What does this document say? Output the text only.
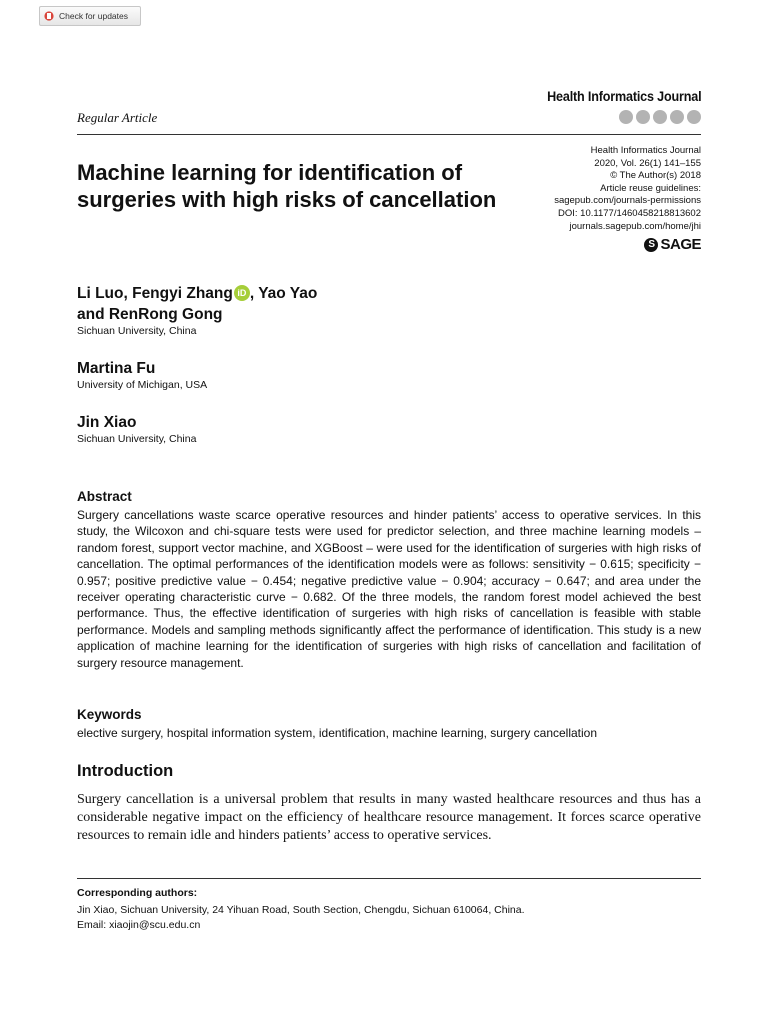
Check for updates
Health Informatics Journal
Regular Article
Machine learning for identification of surgeries with high risks of cancellation
Health Informatics Journal
2020, Vol. 26(1) 141–155
© The Author(s) 2018
Article reuse guidelines:
sagepub.com/journals-permissions
DOI: 10.1177/1460458218813602
journals.sagepub.com/home/jhi
S SAGE
Li Luo, Fengyi Zhang iD , Yao Yao
and RenRong Gong
Sichuan University, China
Martina Fu
University of Michigan, USA
Jin Xiao
Sichuan University, China
Abstract
Surgery cancellations waste scarce operative resources and hinder patients’ access to operative services. In this study, the Wilcoxon and chi-square tests were used for predictor selection, and three machine learning models – random forest, support vector machine, and XGBoost – were used for the identification of surgeries with high risks of cancellation. The optimal performances of the identification models were as follows: sensitivity − 0.615; specificity − 0.957; positive predictive value − 0.454; negative predictive value − 0.904; accuracy − 0.647; and area under the receiver operating characteristic curve − 0.682. Of the three models, the random forest model achieved the best performance. Thus, the effective identification of surgeries with high risks of cancellation is feasible with stable performance. Models and sampling methods significantly affect the performance of identification. This study is a new application of machine learning for the identification of surgeries with high risks of cancellation and facilitation of surgery resource management.
Keywords
elective surgery, hospital information system, identification, machine learning, surgery cancellation
Introduction
Surgery cancellation is a universal problem that results in many wasted healthcare resources and thus has a considerable negative impact on the efficiency of healthcare resource management. It forces scarce operative resources to remain idle and hinders patients’ access to operative services.
Corresponding authors:
Jin Xiao, Sichuan University, 24 Yihuan Road, South Section, Chengdu, Sichuan 610064, China.
Email: xiaojin@scu.edu.cn
